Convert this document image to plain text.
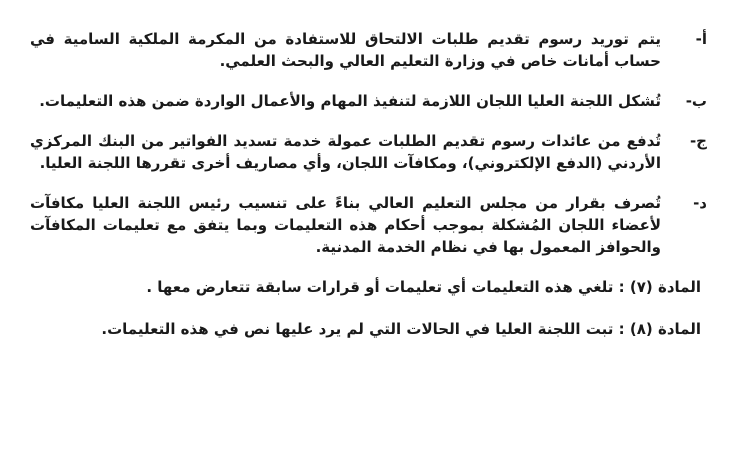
أ-
يتم توريد رسوم تقديم طلبات الالتحاق للاستفادة من المكرمة الملكية السامية في حساب أمانات خاص في وزارة التعليم العالي والبحث العلمي.
ب-
تُشكل اللجنة العليا اللجان اللازمة لتنفيذ المهام والأعمال الواردة ضمن هذه التعليمات.
ج-
تُدفع من عائدات رسوم تقديم الطلبات عمولة خدمة تسديد الفواتير من البنك المركزي الأردني (الدفع الإلكتروني)، ومكافآت اللجان، وأي مصاريف أخرى تقررها اللجنة العليا.
د-
تُصرف بقرار من مجلس التعليم العالي بناءً على تنسيب رئيس اللجنة العليا مكافآت لأعضاء اللجان المُشكلة بموجب أحكام هذه التعليمات وبما يتفق مع تعليمات المكافآت والحوافز المعمول بها في نظام الخدمة المدنية.
المادة (٧) : تلغي هذه التعليمات أي تعليمات أو قرارات سابقة تتعارض معها .
المادة (٨) : تبت اللجنة العليا في الحالات التي لم يرد عليها نص في هذه التعليمات.
